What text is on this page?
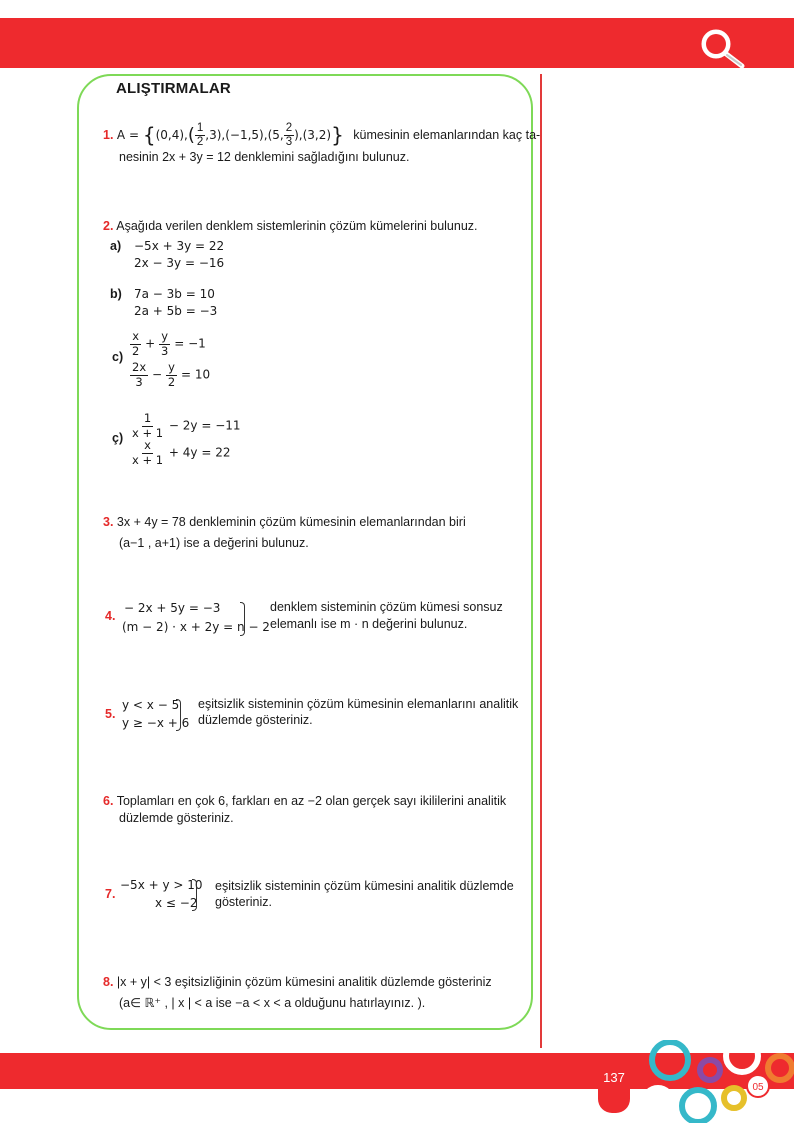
ALIŞTIRMALAR
1. $A = \{(0,4),( \frac{1}{2} ,3),(-1,5),(5$, $\frac{2}{3} ),(3,2)$} kümesinin elemanlarından kaç ta-
nesinin 2x + 3y = 12 denklemini sağladığını bulunuz.
2. Aşağıda verilen denklem sistemlerinin çözüm kümelerini bulunuz.
a) −5x + 3y = 22
2x − 3y = −16
b) 7a − 3b = 10
2a + 5b = −3
$c) \frac{x}{2} + \frac{y}{3} = -1$
$\frac{2x}{3} - \frac{y}{2} = 10$
ç) $\frac{1}{x + 1} - 2y = -11$
$\frac{x}{x + 1} + 4y = 22$
3. 3x + 4y = 78 denkleminin çözüm kümesinin elemanlarından biri
(a−1 , a+1) ise a değerini bulunuz.
4.
− 2x + 5y = −3
(m − 2) · x + 2y = n − 2
denklem sisteminin çözüm kümesi sonsuz
elemanlı ise m · n değerini bulunuz.
5.
y < x − 5
y ≥ −x + 6
eşitsizlik sisteminin çözüm kümesinin elemanlarını analitik
düzlemde gösteriniz.
6. Toplamları en çok 6, farkları en az −2 olan gerçek sayı ikililerini analitik
düzlemde gösteriniz.
7.
−5x + y > 10
x ≤ −2
eşitsizlik sisteminin çözüm kümesini analitik düzlemde
gösteriniz.
8. |x + y| < 3 eşitsizliğinin çözüm kümesini analitik düzlemde gösteriniz
(a∈ ℝ⁺ , | x | < a ise −a < x < a olduğunu hatırlayınız. ).
137
05
